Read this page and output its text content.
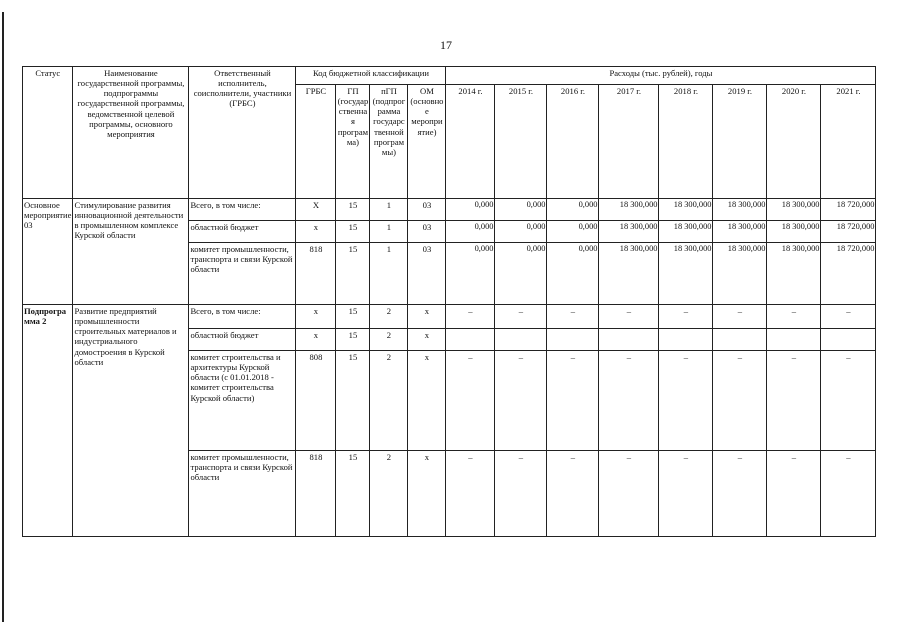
17
Статус	Наименование государственной программы, подпрограммы государственной программы, ведомственной целевой программы, основного мероприятия	Ответственный исполнитель, соисполнители, участники (ГРБС)	Код бюджетной классификации				Расходы (тыс. рублей), годы							
			ГРБС	ГП (государственная программа)	пГП (подпрограмма государственной программы)	ОМ (основное мероприятие)	2014 г.	2015 г.	2016 г.	2017 г.	2018 г.	2019 г.	2020 г.	2021 г.
Основное мероприятие 03	Стимулирование развития инновационной деятельности в промышленном комплексе Курской области	Всего, в том числе:	Х	15	1	03	0,000	0,000	0,000	18 300,000	18 300,000	18 300,000	18 300,000	18 720,000
		областной бюджет	х	15	1	03	0,000	0,000	0,000	18 300,000	18 300,000	18 300,000	18 300,000	18 720,000
		комитет промышленности, транспорта и связи Курской области	818	15	1	03	0,000	0,000	0,000	18 300,000	18 300,000	18 300,000	18 300,000	18 720,000
Подпрограмма 2	Развитие предприятий промышленности строительных материалов и индустриального домостроения в Курской области	Всего, в том числе:	х	15	2	х	–	–	–	–	–	–	–	–
		областной бюджет	х	15	2	х								
		комитет строительства и архитектуры Курской области (с 01.01.2018 - комитет строительства Курской области)	808	15	2	х	–	–	–	–	–	–	–	–
		комитет промышленности, транспорта и связи Курской области	818	15	2	х	–	–	–	–	–	–	–	–
